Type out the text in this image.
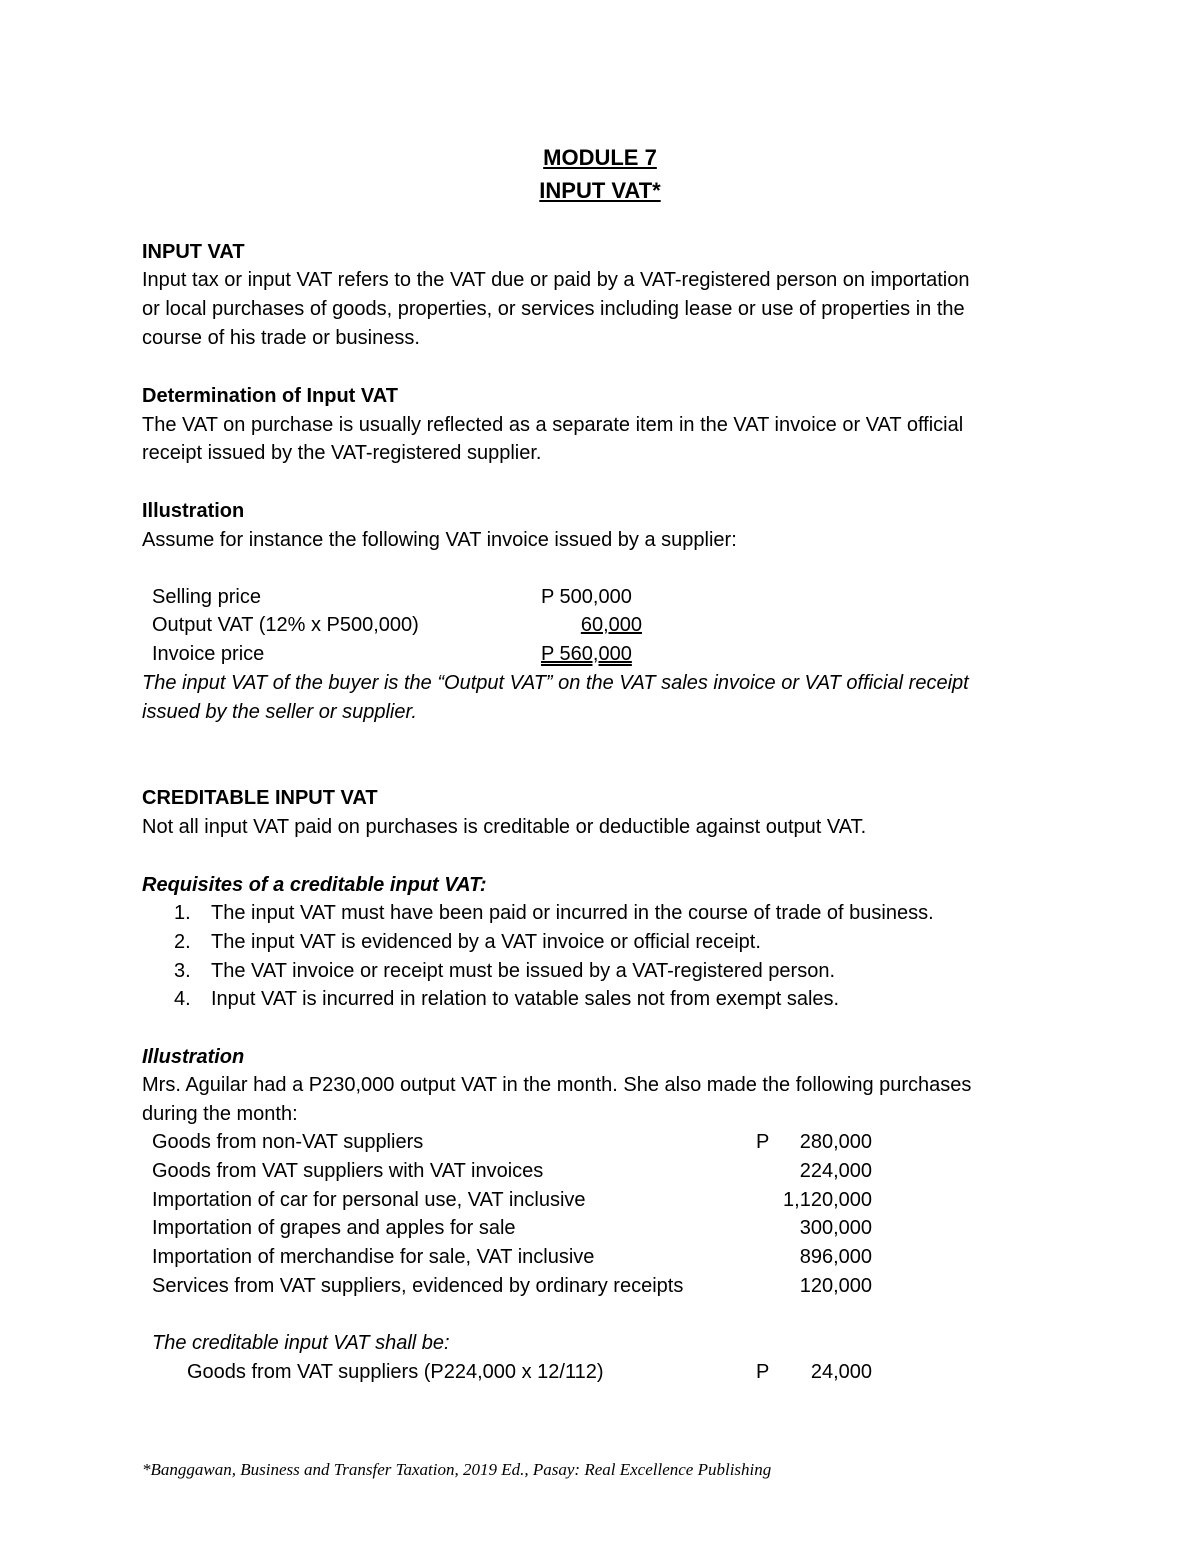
MODULE 7
INPUT VAT*
INPUT VAT
Input tax or input VAT refers to the VAT due or paid by a VAT-registered person on importation
or local purchases of goods, properties, or services including lease or use of properties in the
course of his trade or business.
Determination of Input VAT
The VAT on purchase is usually reflected as a separate item in the VAT invoice or VAT official
receipt issued by the VAT-registered supplier.
Illustration
Assume for instance the following VAT invoice issued by a supplier:
Selling price	P 500,000
Output VAT (12% x P500,000)	60,000
Invoice price	P 560,000
The input VAT of the buyer is the “Output VAT” on the VAT sales invoice or VAT official receipt
issued by the seller or supplier.
CREDITABLE INPUT VAT
Not all input VAT paid on purchases is creditable or deductible against output VAT.
Requisites of a creditable input VAT:
1. The input VAT must have been paid or incurred in the course of trade of business.
2. The input VAT is evidenced by a VAT invoice or official receipt.
3. The VAT invoice or receipt must be issued by a VAT-registered person.
4. Input VAT is incurred in relation to vatable sales not from exempt sales.
Illustration
Mrs. Aguilar had a P230,000 output VAT in the month. She also made the following purchases
during the month:
Goods from non-VAT suppliers	P	280,000
Goods from VAT suppliers with VAT invoices	224,000
Importation of car for personal use, VAT inclusive	1,120,000
Importation of grapes and apples for sale	300,000
Importation of merchandise for sale, VAT inclusive	896,000
Services from VAT suppliers, evidenced by ordinary receipts	120,000
The creditable input VAT shall be:
Goods from VAT suppliers (P224,000 x 12/112)	P	24,000
*Banggawan, Business and Transfer Taxation, 2019 Ed., Pasay: Real Excellence Publishing
